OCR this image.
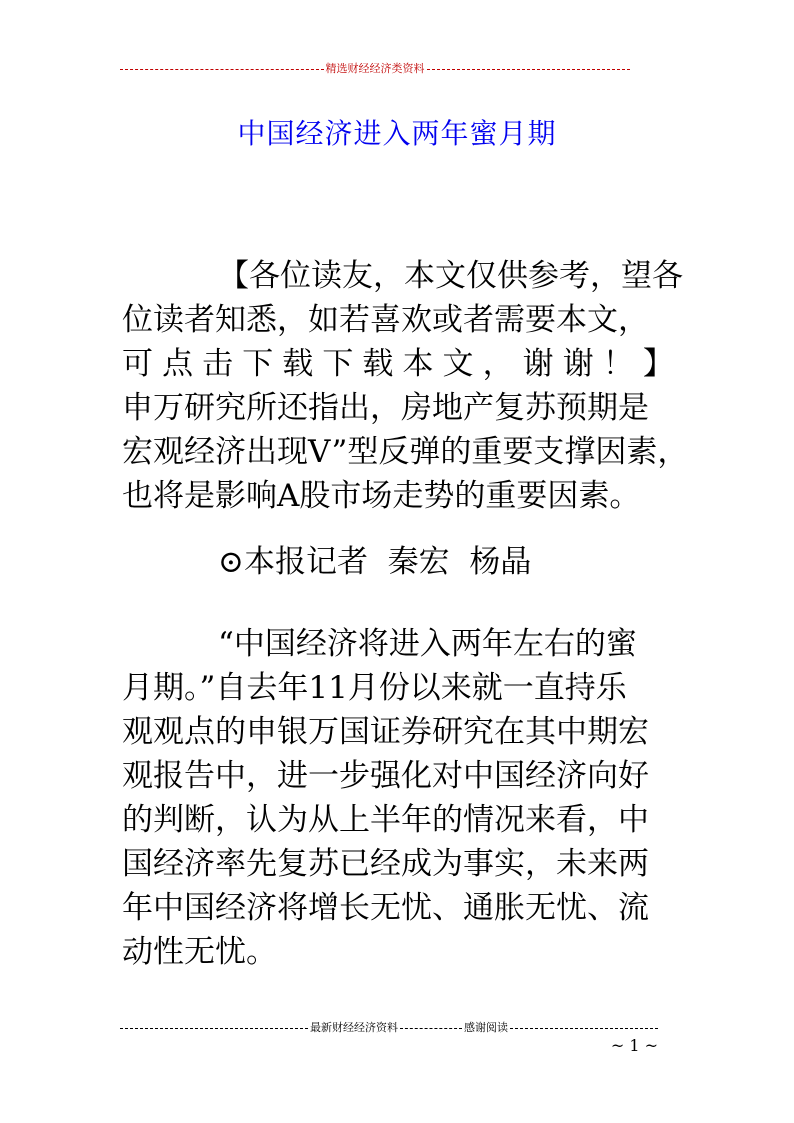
精选财经经济类资料
中国经济进入两年蜜月期
【各位读友，本文仅供参考，望各
位读者知悉，如若喜欢或者需要本文，
可 点 击 下 载 下 载 本 文 ， 谢 谢 ！ 】
申万研究所还指出，房地产复苏预期是
宏观经济出现V”型反弹的重要支撑因素，
也将是影响A股市场走势的重要因素。
⊙本报记者  秦宏  杨晶
“中国经济将进入两年左右的蜜
月期。”自去年11月份以来就一直持乐
观观点的申银万国证券研究在其中期宏
观报告中，进一步强化对中国经济向好
的判断，认为从上半年的情况来看，中
国经济率先复苏已经成为事实，未来两
年中国经济将增长无忧、通胀无忧、流
动性无忧。
最新财经经济资料	感谢阅读
~ 1 ~
